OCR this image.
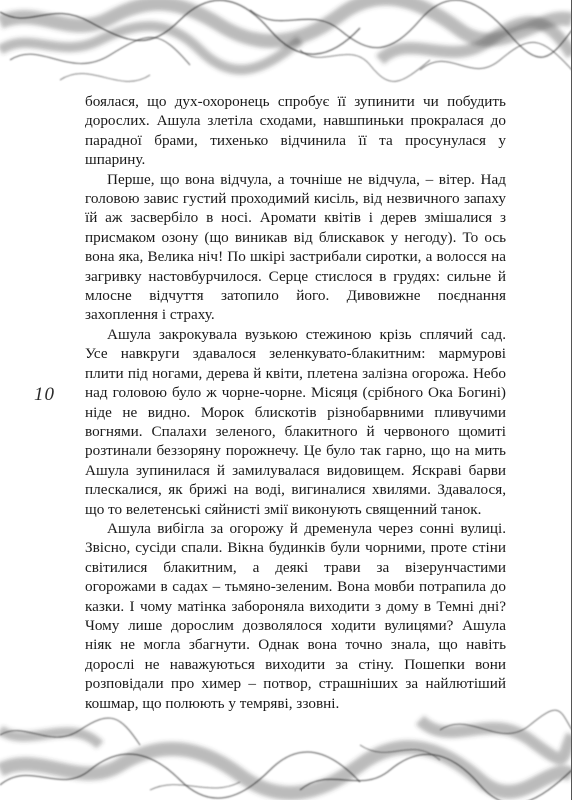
10

боялася, що дух-охоронець спробує її зупинити чи побудить дорослих. Ашула злетіла сходами, навшпиньки прокралася до парадної брами, тихенько відчинила її та просунулася у шпарину.

Перше, що вона відчула, а точніше не відчула, – вітер. Над головою завис густий проходимий кисіль, від незвичного запаху їй аж засвербіло в носі. Аромати квітів і дерев змішалися з присмаком озону (що виникав від блискавок у негоду). То ось вона яка, Велика ніч! По шкірі застрибали сиротки, а волосся на загривку настовбурчилося. Серце стислося в грудях: сильне й млосне відчуття затопило його. Дивовижне поєднання захоплення і страху.

Ашула закрокувала вузькою стежиною крізь сплячий сад. Усе навкруги здавалося зеленкувато-блакитним: мармурові плити під ногами, дерева й квіти, плетена залізна огорожа. Небо над головою було ж чорне-чорне. Місяця (срібного Ока Богині) ніде не видно. Морок блискотів різнобарвними пливучими вогнями. Спалахи зеленого, блакитного й червоного щомиті розтинали беззоряну порожнечу. Це було так гарно, що на мить Ашула зупинилася й замилувалася видовищем. Яскраві барви плескалися, як брижі на воді, вигиналися хвилями. Здавалося, що то велетенські сяйнисті змії виконують священний танок.

Ашула вибігла за огорожу й дременула через сонні вулиці. Звісно, сусіди спали. Вікна будинків були чорними, проте стіни світилися блакитним, а деякі трави за візерунчастими огорожами в садах – тьмяно-зеленим. Вона мовби потрапила до казки. І чому матінка забороняла виходити з дому в Темні дні? Чому лише дорослим дозволялося ходити вулицями? Ашула ніяк не могла збагнути. Однак вона точно знала, що навіть дорослі не наважуються виходити за стіну. Пошепки вони розповідали про химер – потвор, страшніших за найлютіший кошмар, що полюють у темряві, ззовні.
